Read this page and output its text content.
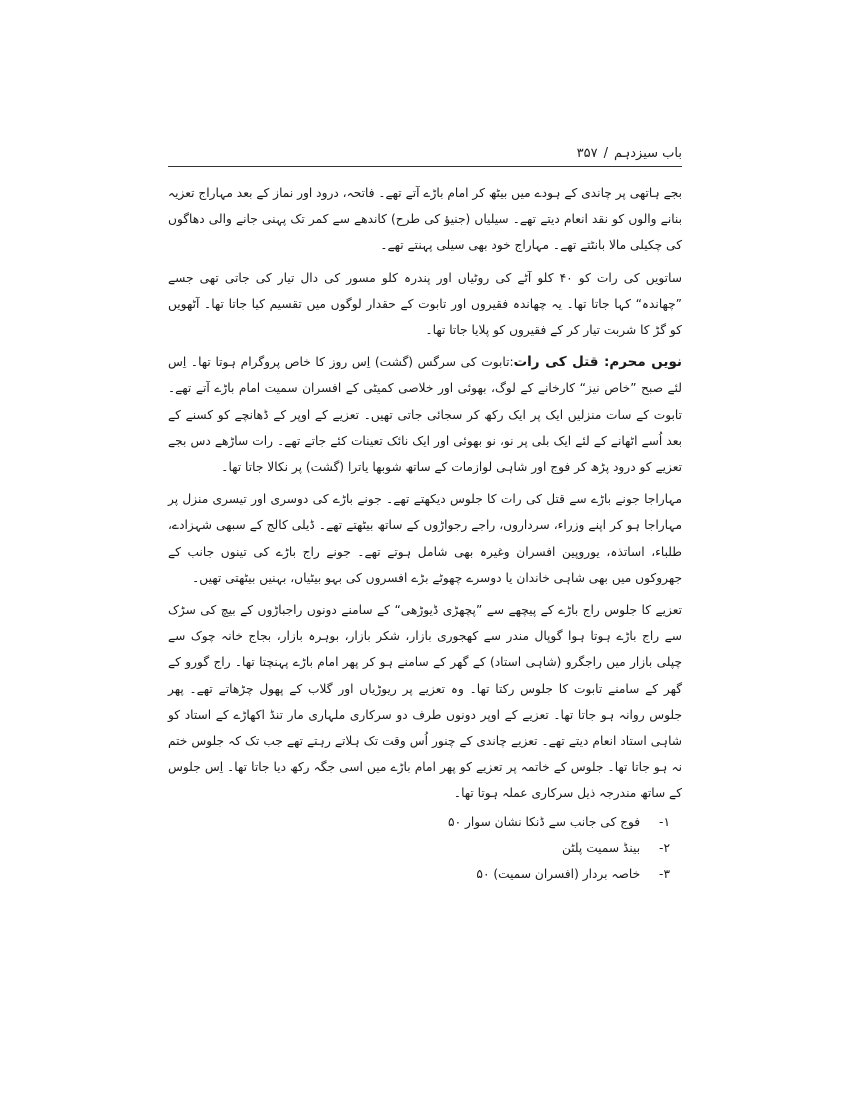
باب سیزدہم
/
۳۵۷

بجے ہاتھی پر چاندی کے ہودے میں بیٹھ کر امام باڑے آتے تھے۔ فاتحہ، درود اور نماز کے بعد مہاراج تعزیہ بنانے والوں کو نقد انعام دیتے تھے۔ سیلیاں (جنیؤ کی طرح) کاندھے سے کمر تک پہنی جانے والی دھاگوں کی چکیلی مالا بانٹتے تھے۔ مہاراج خود بھی سیلی پہنتے تھے۔

ساتویں کی رات کو ۴۰ کلو آٹے کی روٹیاں اور پندرہ کلو مسور کی دال تیار کی جاتی تھی جسے ”چھاندہ“ کہا جاتا تھا۔ یہ چھاندہ فقیروں اور تابوت کے حقدار لوگوں میں تقسیم کیا جاتا تھا۔ آٹھویں کو گڑ کا شربت تیار کر کے فقیروں کو پلایا جاتا تھا۔

نویں محرم: قتل کی رات:تابوت کی سرگس (گشت) اِس روز کا خاص پروگرام ہوتا تھا۔ اِس لئے صبح ”خاص نیز“ کارخانے کے لوگ، بھوئی اور خلاصی کمیٹی کے افسران سمیت امام باڑے آتے تھے۔ تابوت کے سات منزلیں ایک پر ایک رکھ کر سجائی جاتی تھیں۔ تعزیے کے اوپر کے ڈھانچے کو کسنے کے بعد اُسے اٹھانے کے لئے ایک بلی پر نو، نو بھوئی اور ایک نائک تعینات کئے جاتے تھے۔ رات ساڑھے دس بجے تعزیے کو درود پڑھ کر فوج اور شاہی لوازمات کے ساتھ شوبھا یاترا (گشت) پر نکالا جاتا تھا۔

مہاراجا جونے باڑے سے قتل کی رات کا جلوس دیکھتے تھے۔ جونے باڑے کی دوسری اور تیسری منزل پر مہاراجا ہو کر اپنے وزراء، سرداروں، راجے رجواڑوں کے ساتھ بیٹھتے تھے۔ ڈیلی کالج کے سبھی شہزادے، طلباء، اساتذہ، یوروپین افسران وغیرہ بھی شامل ہوتے تھے۔ جونے راج باڑے کی تینوں جانب کے جھروکوں میں بھی شاہی خاندان یا دوسرے چھوٹے بڑے افسروں کی بہو بیٹیاں، بہنیں بیٹھتی تھیں۔

تعزیے کا جلوس راج باڑے کے پیچھے سے ”پچھڑی ڈیوڑھی“ کے سامنے دونوں راجباڑوں کے بیچ کی سڑک سے راج باڑے ہوتا ہوا گوپال مندر سے کھجوری بازار، شکر بازار، بوہرہ بازار، بجاج خانہ چوک سے چپلی بازار میں راجگرو (شاہی استاد) کے گھر کے سامنے ہو کر پھر امام باڑے پہنچتا تھا۔ راج گورو کے گھر کے سامنے تابوت کا جلوس رکتا تھا۔ وہ تعزیے پر ریوڑیاں اور گلاب کے پھول چڑھاتے تھے۔ پھر جلوس روانہ ہو جاتا تھا۔ تعزیے کے اوپر دونوں طرف دو سرکاری ملہاری مار تنڈ اکھاڑے کے استاد کو شاہی استاد انعام دیتے تھے۔ تعزیے چاندی کے چنور اُس وقت تک ہلاتے رہتے تھے جب تک کہ جلوس ختم نہ ہو جاتا تھا۔ جلوس کے خاتمہ پر تعزیے کو پھر امام باڑے میں اسی جگہ رکھ دیا جاتا تھا۔ اِس جلوس کے ساتھ مندرجہ ذیل سرکاری عملہ ہوتا تھا۔

۱- فوج کی جانب سے ڈنکا نشان سوار ۵۰
۲- بینڈ سمیت پلٹن
۳- خاصہ بردار (افسران سمیت) ۵۰
